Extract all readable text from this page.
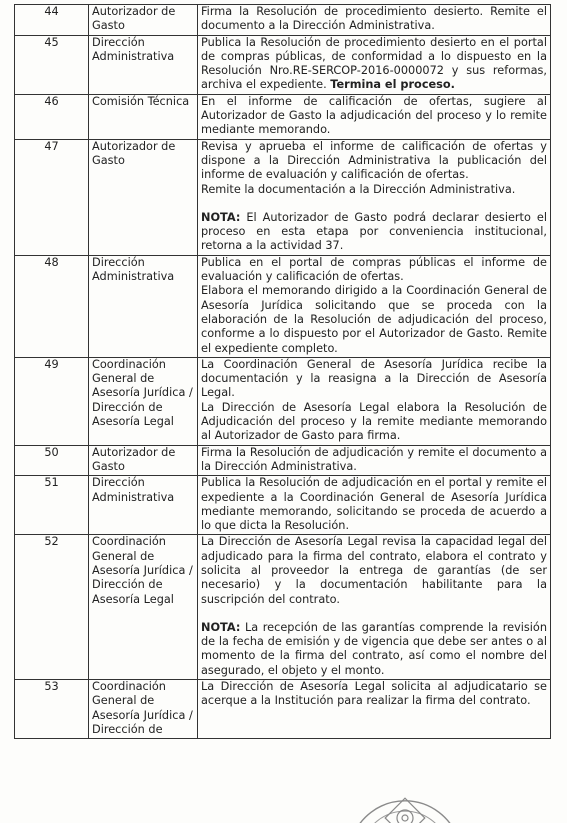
44	Autorizador de Gasto	Firma la Resolución de procedimiento desierto. Remite el documento a la Dirección Administrativa.

45	Dirección Administrativa	Publica la Resolución de procedimiento desierto en el portal de compras públicas, de conformidad a lo dispuesto en la Resolución Nro.RE-SERCOP-2016-0000072 y sus reformas, archiva el expediente. Termina el proceso.

46	Comisión Técnica	En el informe de calificación de ofertas, sugiere al Autorizador de Gasto la adjudicación del proceso y lo remite mediante memorando.

47	Autorizador de Gasto	Revisa y aprueba el informe de calificación de ofertas y dispone a la Dirección Administrativa la publicación del informe de evaluación y calificación de ofertas.

Remite la documentación a la Dirección Administrativa.

NOTA: El Autorizador de Gasto podrá declarar desierto el proceso en esta etapa por conveniencia institucional, retorna a la actividad 37.

48	Dirección Administrativa	Publica en el portal de compras públicas el informe de evaluación y calificación de ofertas.

Elabora el memorando dirigido a la Coordinación General de Asesoría Jurídica solicitando que se proceda con la elaboración de la Resolución de adjudicación del proceso, conforme a lo dispuesto por el Autorizador de Gasto. Remite el expediente completo.

49	Coordinación General de Asesoría Jurídica / Dirección de Asesoría Legal	La Coordinación General de Asesoría Jurídica recibe la documentación y la reasigna a la Dirección de Asesoría Legal.

La Dirección de Asesoría Legal elabora la Resolución de Adjudicación del proceso y la remite mediante memorando al Autorizador de Gasto para firma.

50	Autorizador de Gasto	Firma la Resolución de adjudicación y remite el documento a la Dirección Administrativa.

51	Dirección Administrativa	Publica la Resolución de adjudicación en el portal y remite el expediente a la Coordinación General de Asesoría Jurídica mediante memorando, solicitando se proceda de acuerdo a lo que dicta la Resolución.

52	Coordinación General de Asesoría Jurídica / Dirección de Asesoría Legal	La Dirección de Asesoría Legal revisa la capacidad legal del adjudicado para la firma del contrato, elabora el contrato y solicita al proveedor la entrega de garantías (de ser necesario) y la documentación habilitante para la suscripción del contrato.

NOTA: La recepción de las garantías comprende la revisión de la fecha de emisión y de vigencia que debe ser antes o al momento de la firma del contrato, así como el nombre del asegurado, el objeto y el monto.

53	Coordinación General de Asesoría Jurídica / Dirección de	La Dirección de Asesoría Legal solicita al adjudicatario se acerque a la Institución para realizar la firma del contrato.
